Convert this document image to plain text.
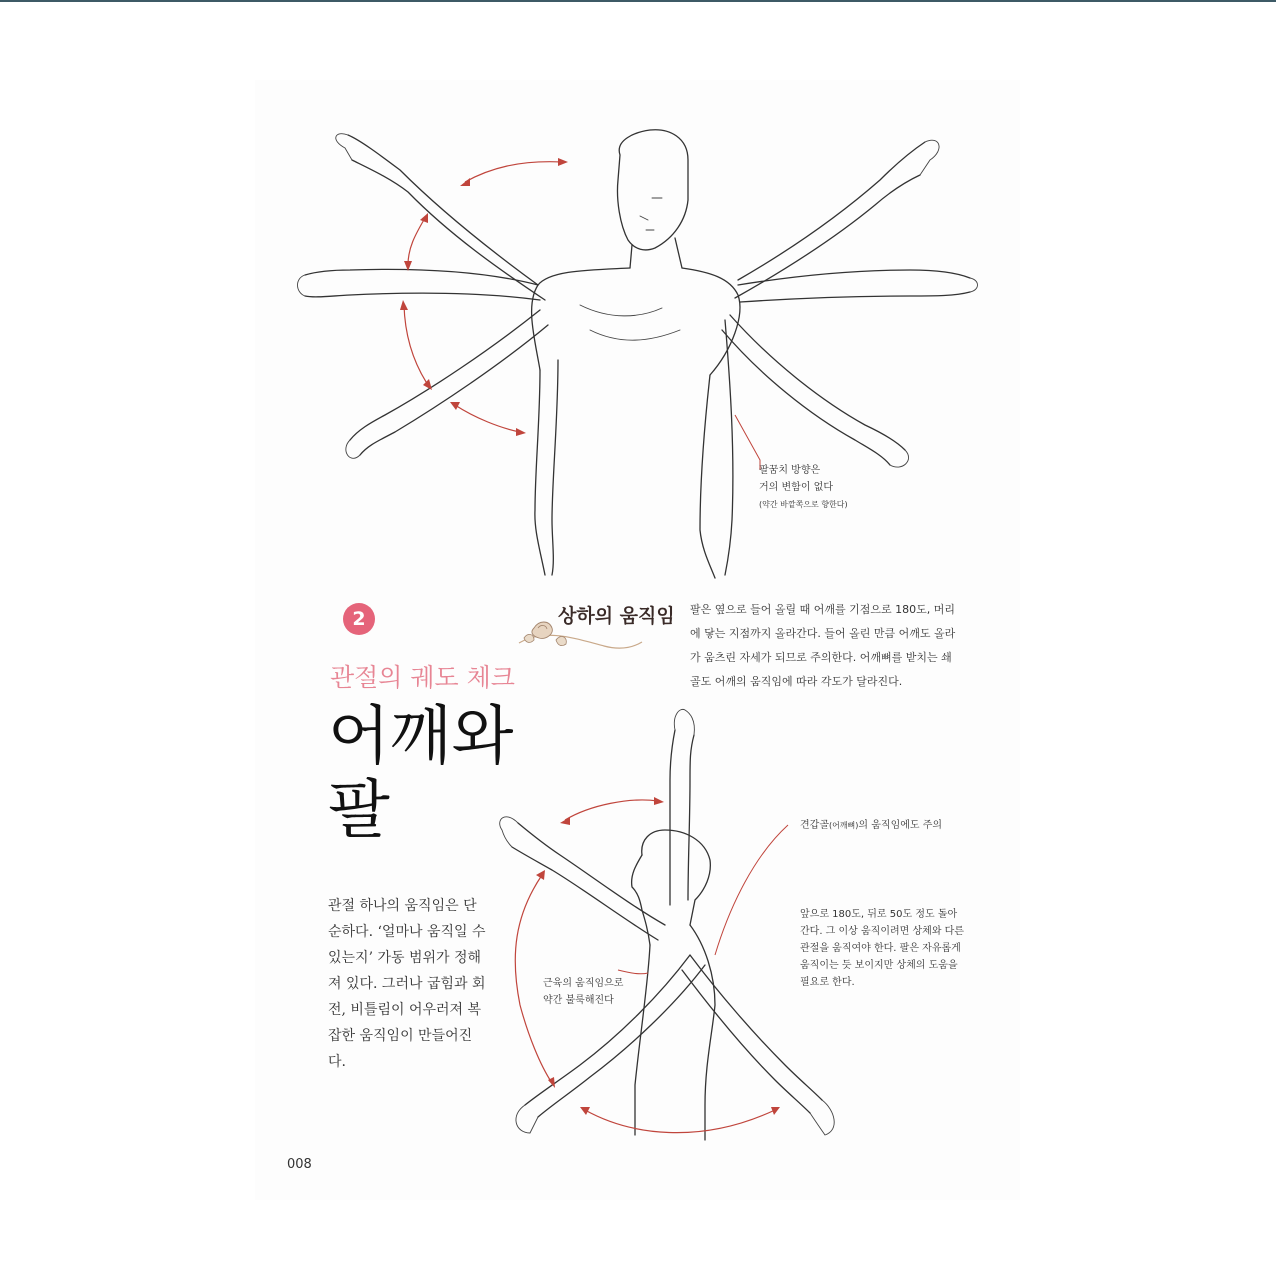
팔꿈치 방향은
거의 변함이 없다
(약간 바깥쪽으로 향한다)
2	상하의 움직임
관절의 궤도 체크
어깨와
팔
팔은 옆으로 들어 올릴 때 어깨를 기점으로 180도, 머리에 닿는 지점까지 올라간다. 들어 올린 만큼 어깨도 올라가 움츠린 자세가 되므로 주의한다. 어깨뼈를 받치는 쇄골도 어깨의 움직임에 따라 각도가 달라진다.
견갑골(어깨뼈)의 움직임에도 주의
앞으로 180도, 뒤로 50도 정도 돌아
간다. 그 이상 움직이려면 상체와 다른
관절을 움직여야 한다. 팔은 자유롭게
움직이는 듯 보이지만 상체의 도움을
필요로 한다.
근육의 움직임으로
약간 불룩해진다
관절 하나의 움직임은 단순하다. ‘얼마나 움직일 수 있는지’ 가동 범위가 정해져 있다. 그러나 굽힘과 회전, 비틀림이 어우러져 복잡한 움직임이 만들어진다.
008
